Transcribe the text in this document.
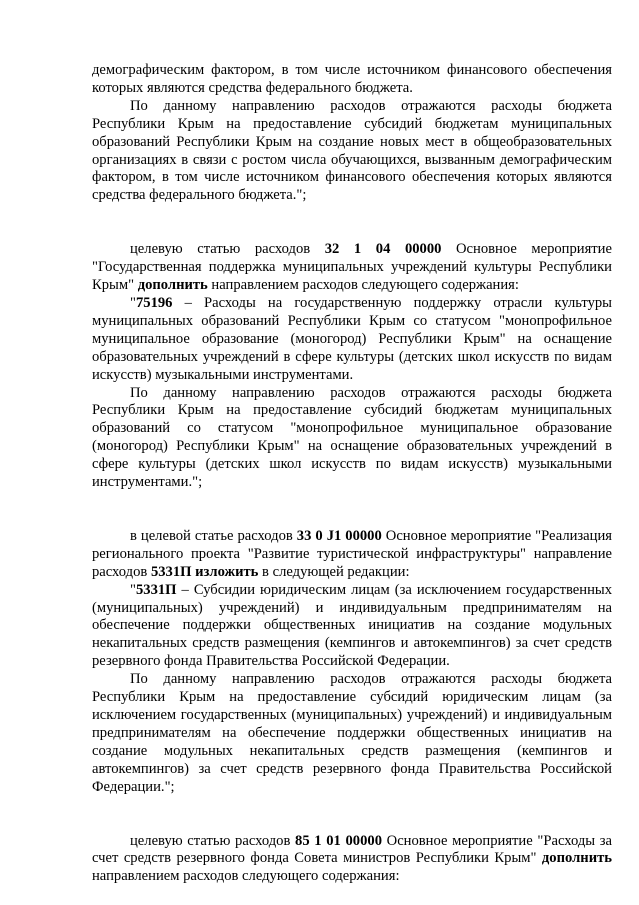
демографическим фактором, в том числе источником финансового обеспечения которых являются средства федерального бюджета.

По данному направлению расходов отражаются расходы бюджета Республики Крым на предоставление субсидий бюджетам муниципальных образований Республики Крым на создание новых мест в общеобразовательных организациях в связи с ростом числа обучающихся, вызванным демографическим фактором, в том числе источником финансового обеспечения которых являются средства федерального бюджета.";

целевую статью расходов 32 1 04 00000 Основное мероприятие "Государственная поддержка муниципальных учреждений культуры Республики Крым" дополнить направлением расходов следующего содержания:

"75196 – Расходы на государственную поддержку отрасли культуры муниципальных образований Республики Крым со статусом "монопрофильное муниципальное образование (моногород) Республики Крым" на оснащение образовательных учреждений в сфере культуры (детских школ искусств по видам искусств) музыкальными инструментами.

По данному направлению расходов отражаются расходы бюджета Республики Крым на предоставление субсидий бюджетам муниципальных образований со статусом "монопрофильное муниципальное образование (моногород) Республики Крым" на оснащение образовательных учреждений в сфере культуры (детских школ искусств по видам искусств) музыкальными инструментами.";

в целевой статье расходов 33 0 J1 00000 Основное мероприятие "Реализация регионального проекта "Развитие туристической инфраструктуры" направление расходов 5331П изложить в следующей редакции:

"5331П – Субсидии юридическим лицам (за исключением государственных (муниципальных) учреждений) и индивидуальным предпринимателям на обеспечение поддержки общественных инициатив на создание модульных некапитальных средств размещения (кемпингов и автокемпингов) за счет средств резервного фонда Правительства Российской Федерации.

По данному направлению расходов отражаются расходы бюджета Республики Крым на предоставление субсидий юридическим лицам (за исключением государственных (муниципальных) учреждений) и индивидуальным предпринимателям на обеспечение поддержки общественных инициатив на создание модульных некапитальных средств размещения (кемпингов и автокемпингов) за счет средств резервного фонда Правительства Российской Федерации.";

целевую статью расходов 85 1 01 00000 Основное мероприятие "Расходы за счет средств резервного фонда Совета министров Республики Крым" дополнить направлением расходов следующего содержания:
